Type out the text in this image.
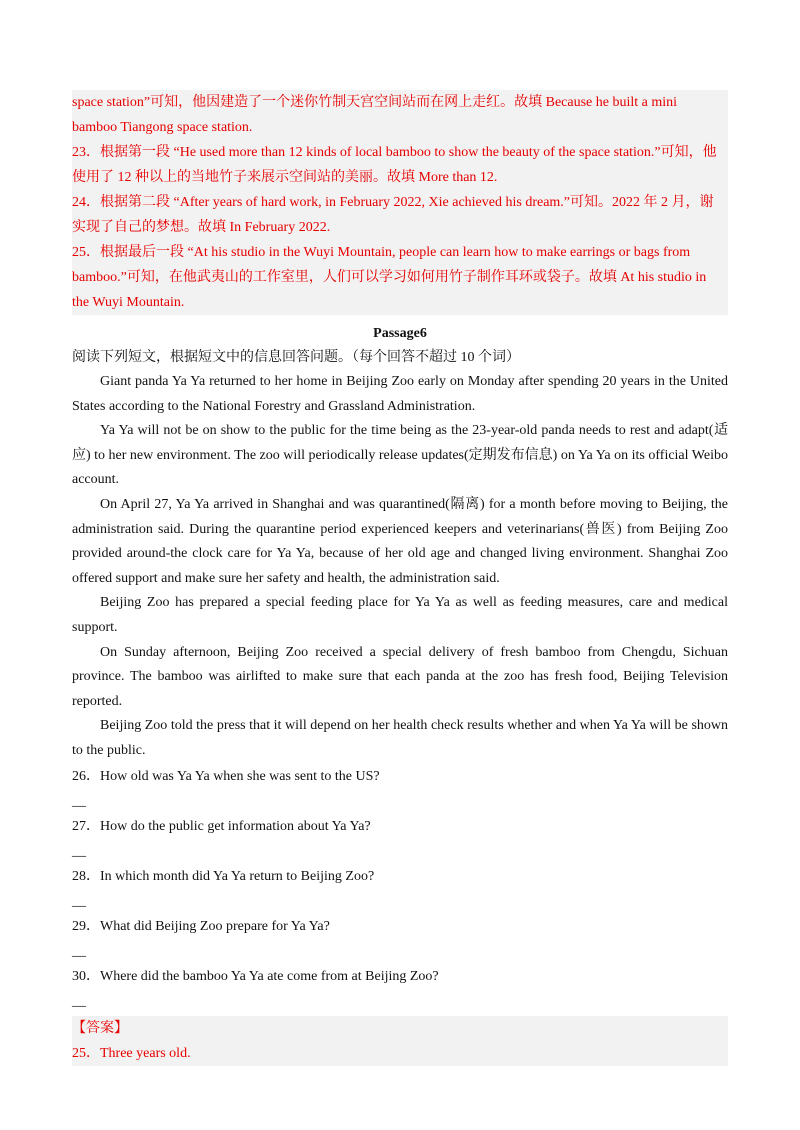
space station”可知，他因建造了一个迷你竹制天宫空间站而在网上走红。故填 Because he built a mini
bamboo Tiangong space station.
23．根据第一段 “He used more than 12 kinds of local bamboo to show the beauty of the space station.”可知，他
使用了 12 种以上的当地竹子来展示空间站的美丽。故填 More than 12.
24．根据第二段 “After years of hard work, in February 2022, Xie achieved his dream.”可知。2022 年 2 月，谢
实现了自己的梦想。故填 In February 2022.
25．根据最后一段 “At his studio in the Wuyi Mountain, people can learn how to make earrings or bags from
bamboo.”可知，在他武夷山的工作室里，人们可以学习如何用竹子制作耳环或袋子。故填 At his studio in
the Wuyi Mountain.
Passage6
阅读下列短文，根据短文中的信息回答问题。（每个回答不超过 10 个词）
Giant panda Ya Ya returned to her home in Beijing Zoo early on Monday after spending 20 years in the United States according to the National Forestry and Grassland Administration.
Ya Ya will not be on show to the public for the time being as the 23-year-old panda needs to rest and adapt(适应) to her new environment. The zoo will periodically release updates(定期发布信息) on Ya Ya on its official Weibo account.
On April 27, Ya Ya arrived in Shanghai and was quarantined(隔离) for a month before moving to Beijing, the administration said. During the quarantine period experienced keepers and veterinarians(兽医) from Beijing Zoo provided around-the clock care for Ya Ya, because of her old age and changed living environment. Shanghai Zoo offered support and make sure her safety and health, the administration said.
Beijing Zoo has prepared a special feeding place for Ya Ya as well as feeding measures, care and medical support.
On Sunday afternoon, Beijing Zoo received a special delivery of fresh bamboo from Chengdu, Sichuan province. The bamboo was airlifted to make sure that each panda at the zoo has fresh food, Beijing Television reported.
Beijing Zoo told the press that it will depend on her health check results whether and when Ya Ya will be shown to the public.
26．How old was Ya Ya when she was sent to the US?
__
27．How do the public get information about Ya Ya?
__
28．In which month did Ya Ya return to Beijing Zoo?
__
29．What did Beijing Zoo prepare for Ya Ya?
__
30．Where did the bamboo Ya Ya ate come from at Beijing Zoo?
__
【答案】
25．Three years old.
